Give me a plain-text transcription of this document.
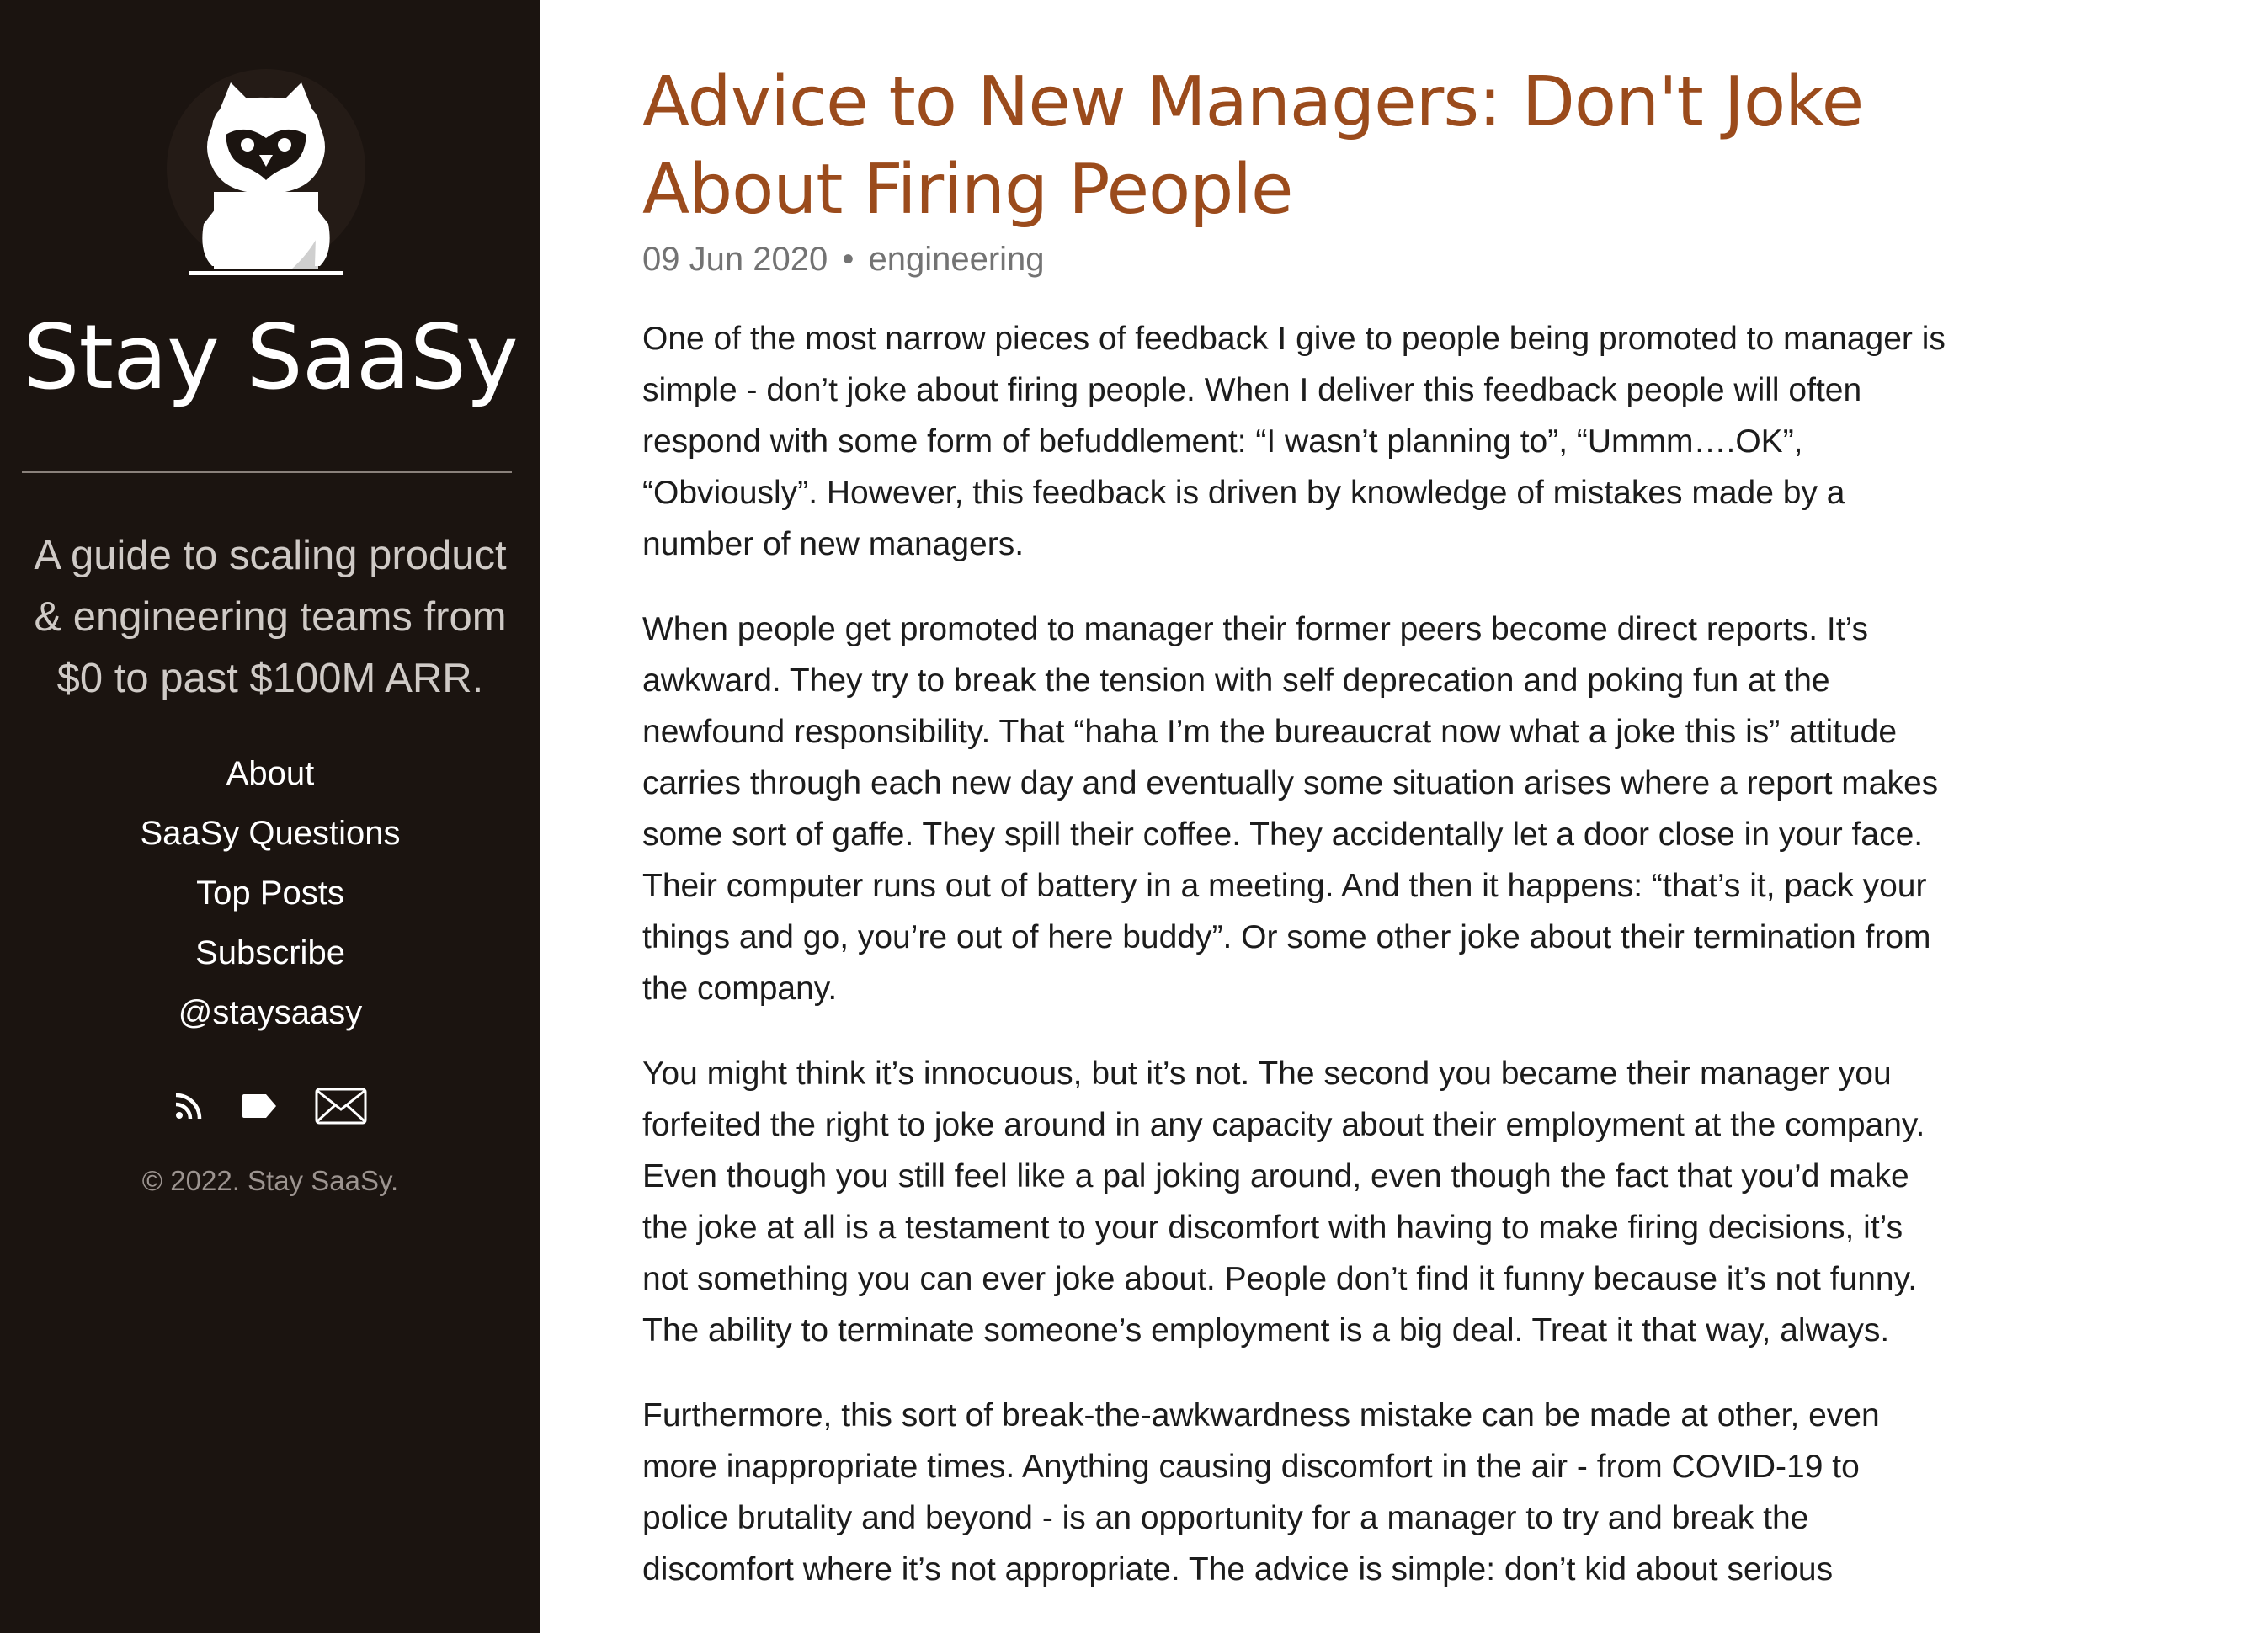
Stay SaaSy

A guide to scaling product & engineering teams from $0 to past $100M ARR.

About
SaaSy Questions
Top Posts
Subscribe
@staysaasy

© 2022. Stay SaaSy.

Advice to New Managers: Don't Joke About Firing People

09 Jun 2020 • engineering

One of the most narrow pieces of feedback I give to people being promoted to manager is simple - don’t joke about firing people. When I deliver this feedback people will often respond with some form of befuddlement: “I wasn’t planning to”, “Ummm….OK”, “Obviously”. However, this feedback is driven by knowledge of mistakes made by a number of new managers.

When people get promoted to manager their former peers become direct reports. It’s awkward. They try to break the tension with self deprecation and poking fun at the newfound responsibility. That “haha I’m the bureaucrat now what a joke this is” attitude carries through each new day and eventually some situation arises where a report makes some sort of gaffe. They spill their coffee. They accidentally let a door close in your face. Their computer runs out of battery in a meeting. And then it happens: “that’s it, pack your things and go, you’re out of here buddy”. Or some other joke about their termination from the company.

You might think it’s innocuous, but it’s not. The second you became their manager you forfeited the right to joke around in any capacity about their employment at the company. Even though you still feel like a pal joking around, even though the fact that you’d make the joke at all is a testament to your discomfort with having to make firing decisions, it’s not something you can ever joke about. People don’t find it funny because it’s not funny. The ability to terminate someone’s employment is a big deal. Treat it that way, always.

Furthermore, this sort of break-the-awkwardness mistake can be made at other, even more inappropriate times. Anything causing discomfort in the air - from COVID-19 to police brutality and beyond - is an opportunity for a manager to try and break the discomfort where it’s not appropriate. The advice is simple: don’t kid about serious
